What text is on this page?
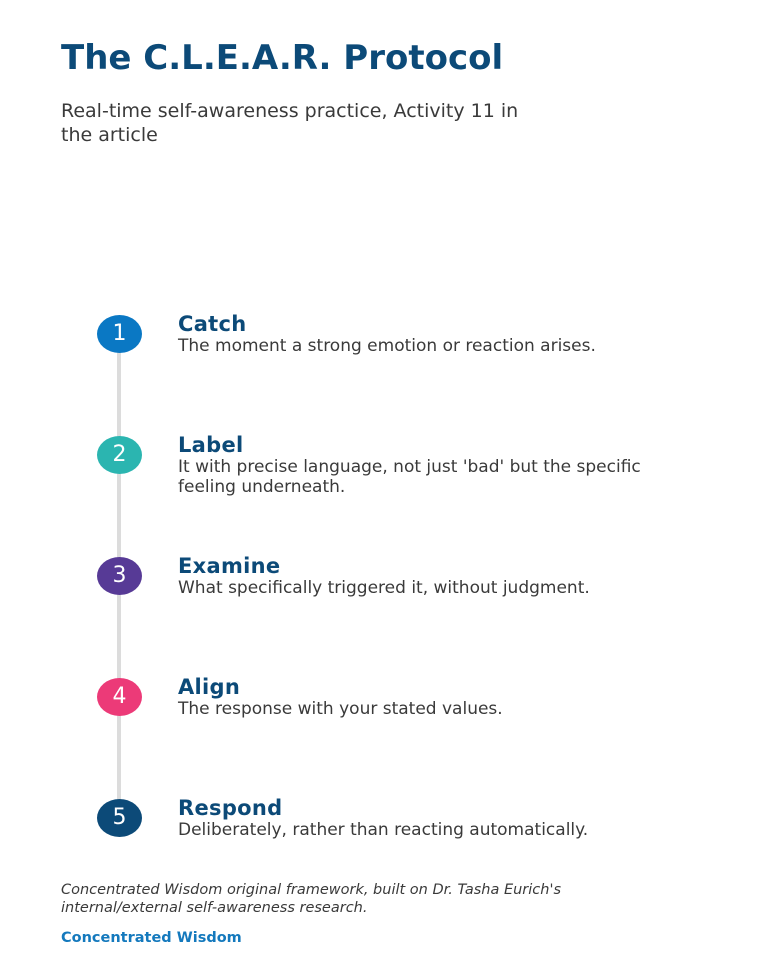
The C.L.E.A.R. Protocol

Real-time self-awareness practice, Activity 11 in the article

1	Catch
The moment a strong emotion or reaction arises.
2	Label
It with precise language, not just 'bad' but the specific feeling underneath.
3	Examine
What specifically triggered it, without judgment.
4	Align
The response with your stated values.
5	Respond
Deliberately, rather than reacting automatically.
Concentrated Wisdom original framework, built on Dr. Tasha Eurich's internal/external self-awareness research.
Concentrated Wisdom
